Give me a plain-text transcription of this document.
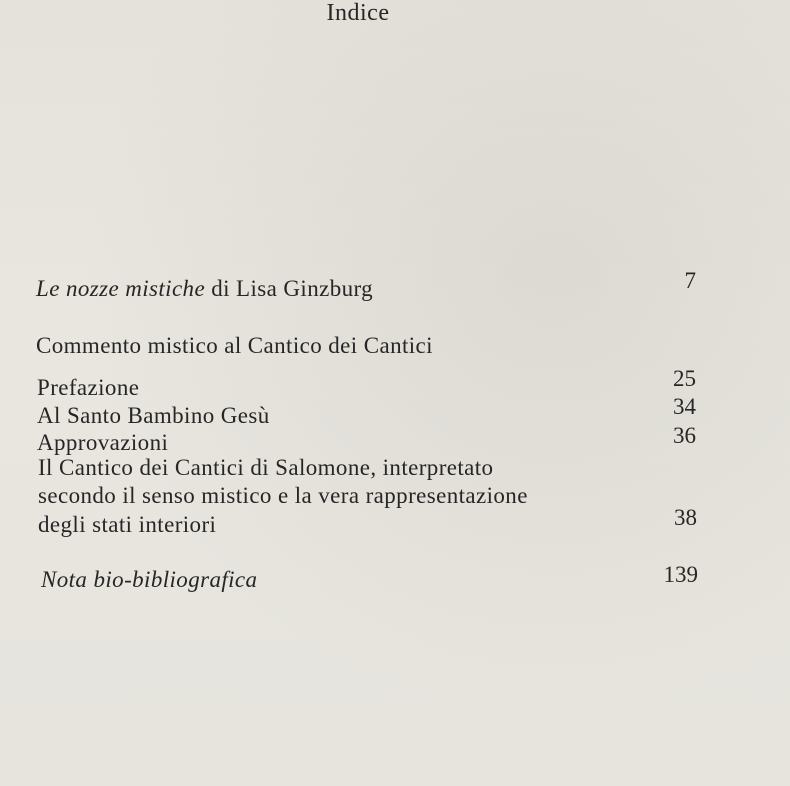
Indice
Le nozze mistiche di Lisa Ginzburg	7
Commento mistico al Cantico dei Cantici
Prefazione	25
Al Santo Bambino Gesù	34
Approvazioni	36
Il Cantico dei Cantici di Salomone, interpretato
secondo il senso mistico e la vera rappresentazione
degli stati interiori	38
Nota bio-bibliografica	139
